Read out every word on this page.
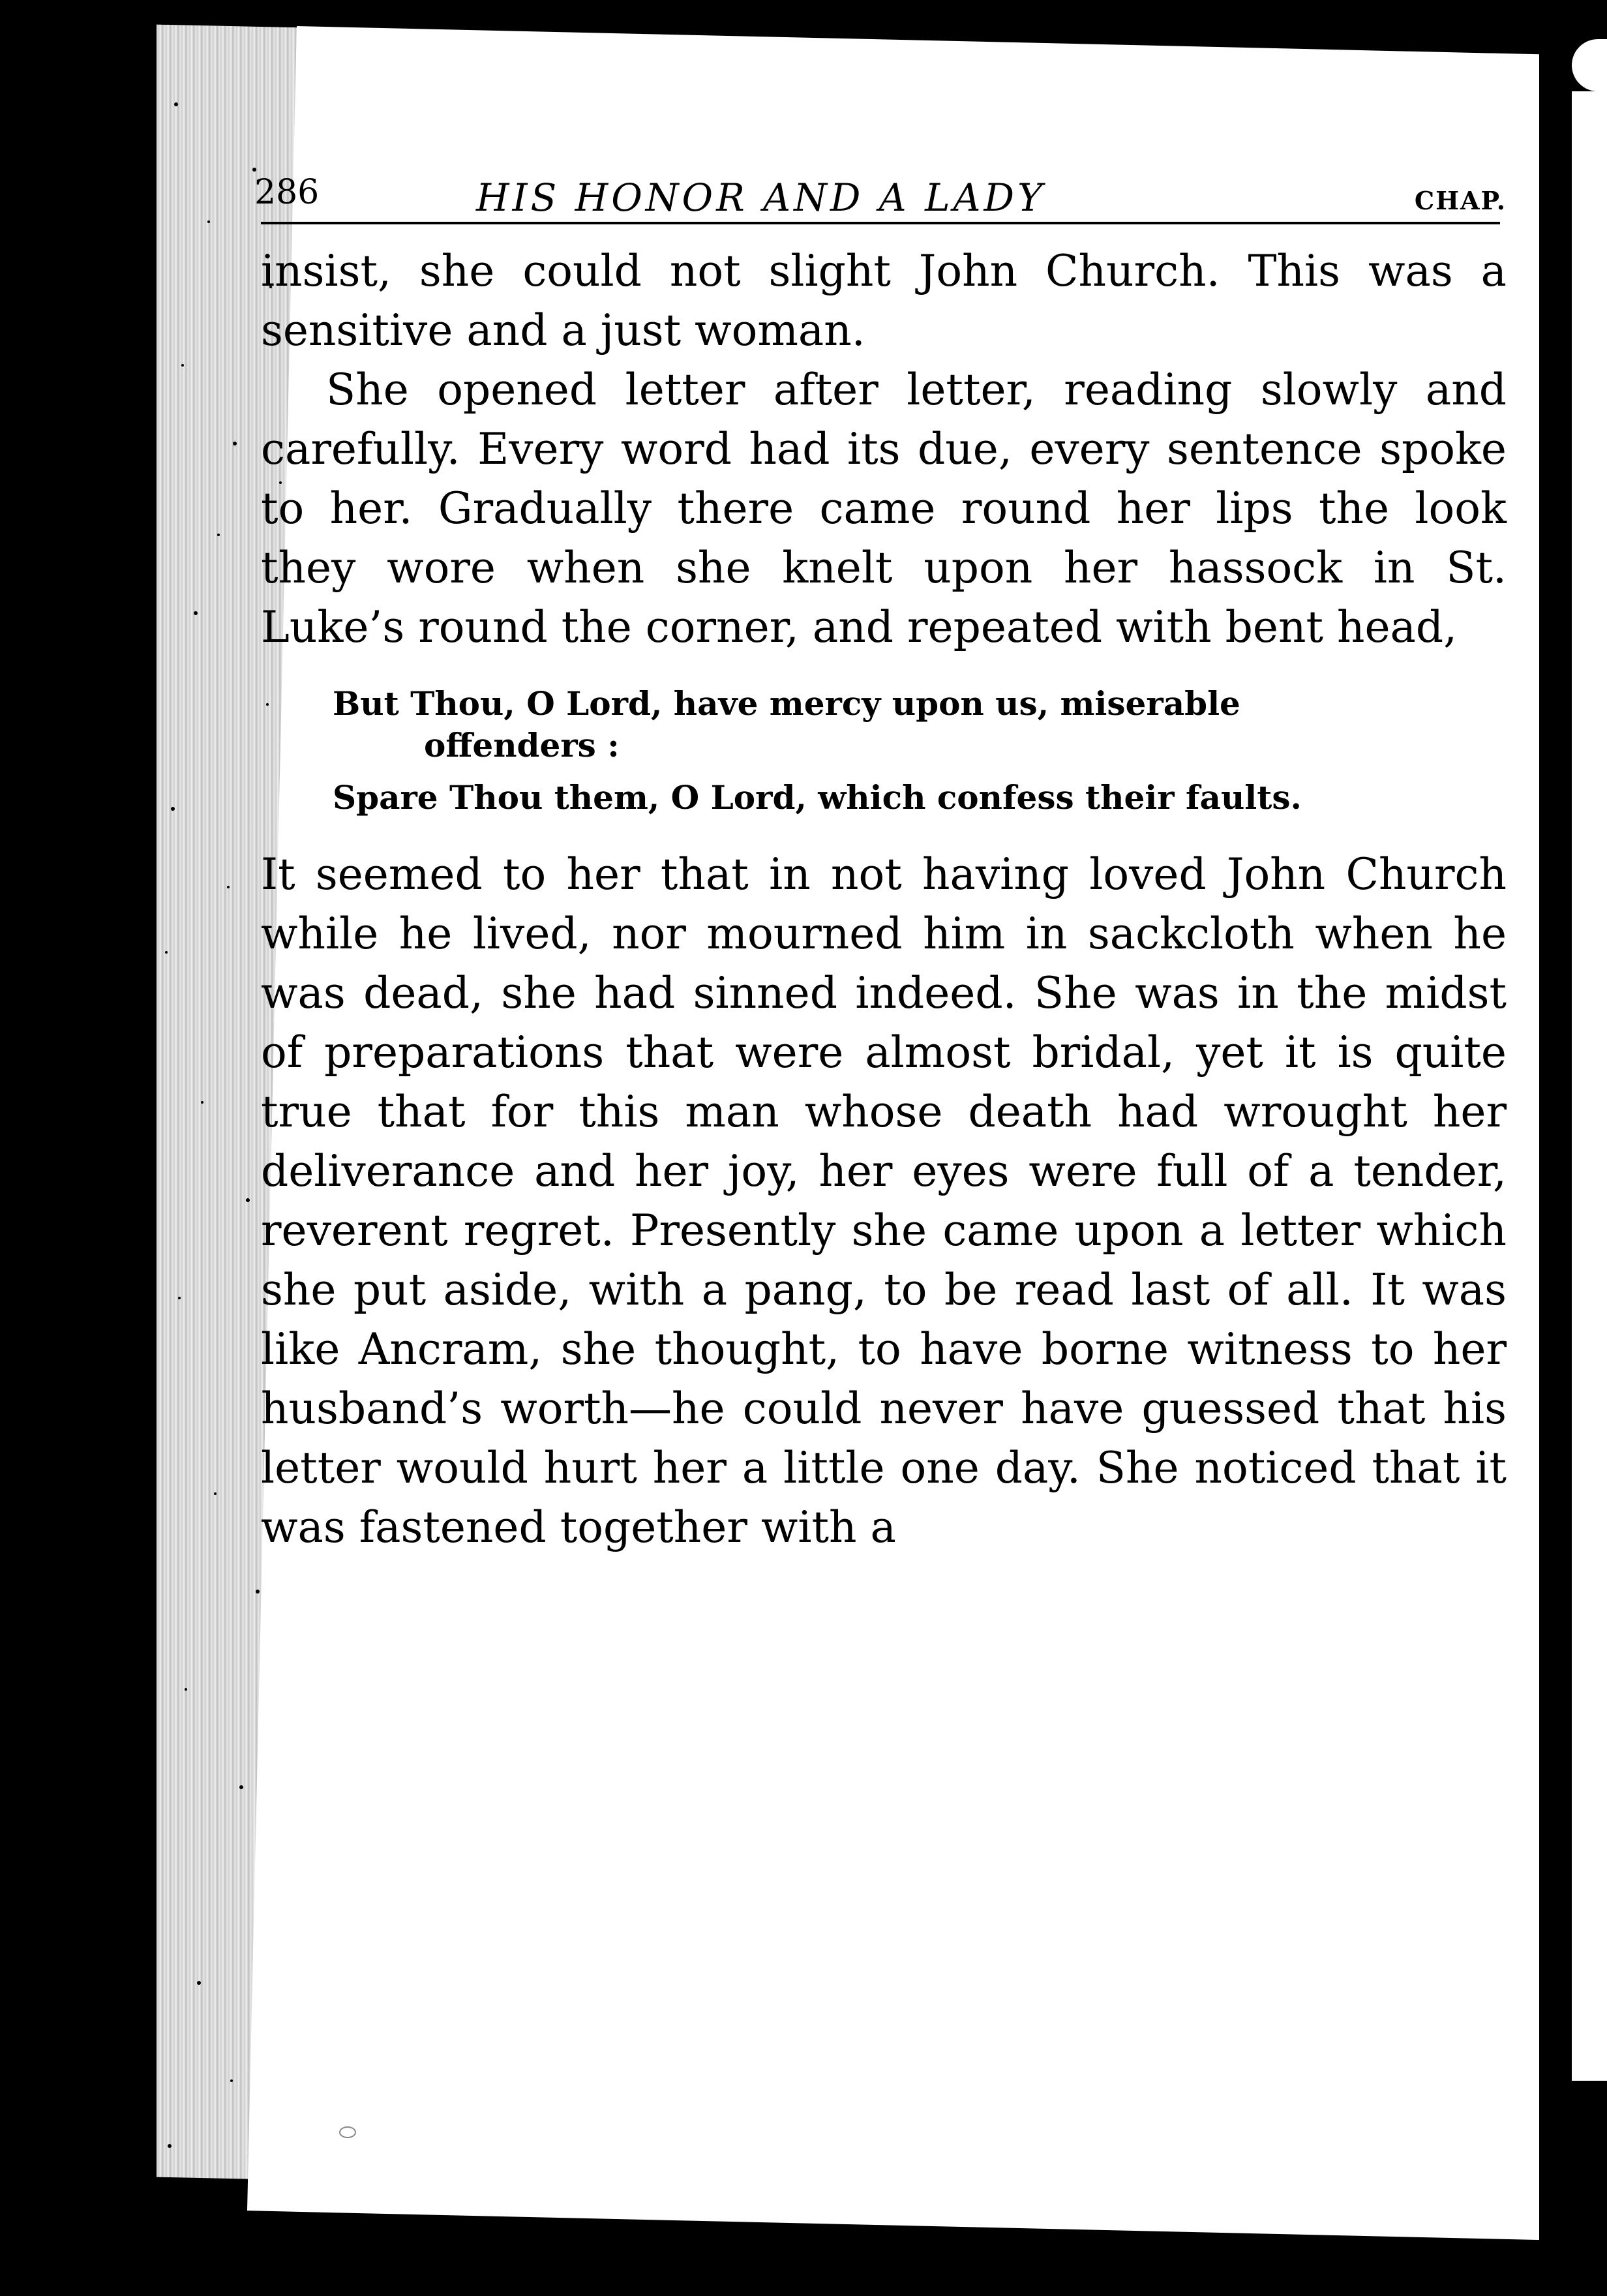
286	HIS HONOR AND A LADY	CHAP.

insist, she could not slight John Church. This was a sensitive and a just woman.

She opened letter after letter, reading slowly and carefully. Every word had its due, every sentence spoke to her. Gradually there came round her lips the look they wore when she knelt upon her hassock in St. Luke’s round the corner, and repeated with bent head,

But Thou, O Lord, have mercy upon us, miserable
offenders :
Spare Thou them, O Lord, which confess their faults.

It seemed to her that in not having loved John Church while he lived, nor mourned him in sackcloth when he was dead, she had sinned indeed. She was in the midst of preparations that were almost bridal, yet it is quite true that for this man whose death had wrought her deliverance and her joy, her eyes were full of a tender, reverent regret. Presently she came upon a letter which she put aside, with a pang, to be read last of all. It was like Ancram, she thought, to have borne witness to her husband’s worth—he could never have guessed that his letter would hurt her a little one day. She noticed that it was fastened together with a
